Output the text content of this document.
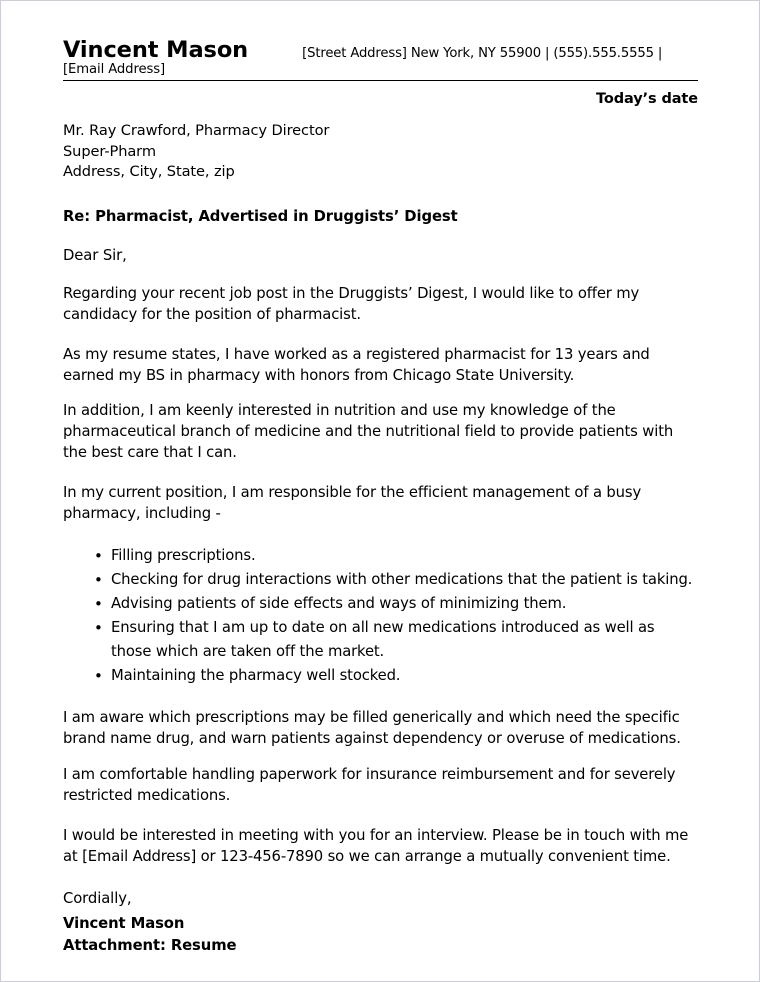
Vincent Mason	[Street Address] New York, NY 55900 | (555).555.5555 |
[Email Address]
Today’s date
Mr. Ray Crawford, Pharmacy Director
Super-Pharm
Address, City, State, zip
Re: Pharmacist, Advertised in Druggists’ Digest
Dear Sir,

Regarding your recent job post in the Druggists’ Digest, I would like to offer my candidacy for the position of pharmacist.

As my resume states, I have worked as a registered pharmacist for 13 years and earned my BS in pharmacy with honors from Chicago State University.

In addition, I am keenly interested in nutrition and use my knowledge of the pharmaceutical branch of medicine and the nutritional field to provide patients with the best care that I can.

In my current position, I am responsible for the efficient management of a busy pharmacy, including -

• Filling prescriptions.
• Checking for drug interactions with other medications that the patient is taking.
• Advising patients of side effects and ways of minimizing them.
• Ensuring that I am up to date on all new medications introduced as well as those which are taken off the market.
• Maintaining the pharmacy well stocked.

I am aware which prescriptions may be filled generically and which need the specific brand name drug, and warn patients against dependency or overuse of medications.

I am comfortable handling paperwork for insurance reimbursement and for severely restricted medications.

I would be interested in meeting with you for an interview. Please be in touch with me at [Email Address] or 123-456-7890 so we can arrange a mutually convenient time.

Cordially,
Vincent Mason
Attachment: Resume
